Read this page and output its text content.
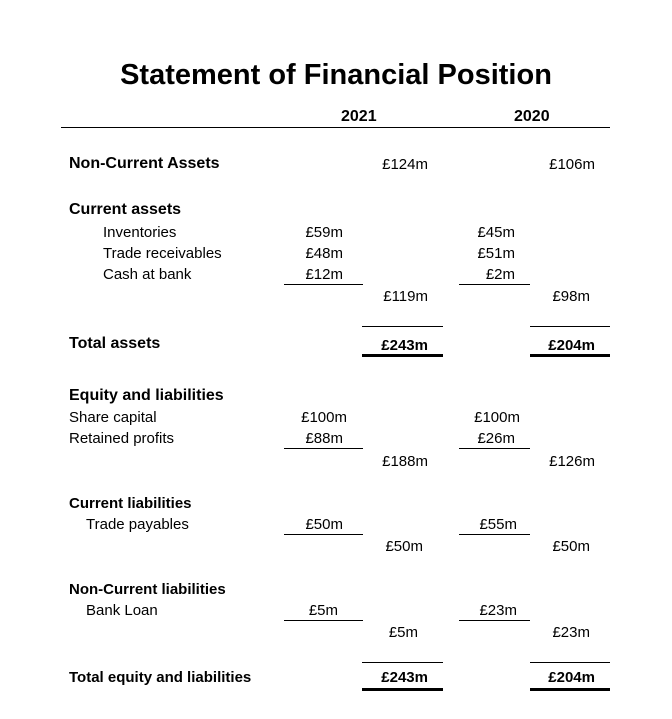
Statement of Financial Position
2021	2020
Non-Current Assets	£124m	£106m
Current assets
Inventories	£59m	£45m
Trade receivables	£48m	£51m
Cash at bank	£12m	£2m
£119m	£98m
Total assets	£243m	£204m
Equity and liabilities
Share capital	£100m	£100m
Retained profits	£88m	£26m
£188m	£126m
Current liabilities
Trade payables	£50m	£55m
£50m	£50m
Non-Current liabilities
Bank Loan	£5m	£23m
£5m	£23m
Total equity and liabilities	£243m	£204m
